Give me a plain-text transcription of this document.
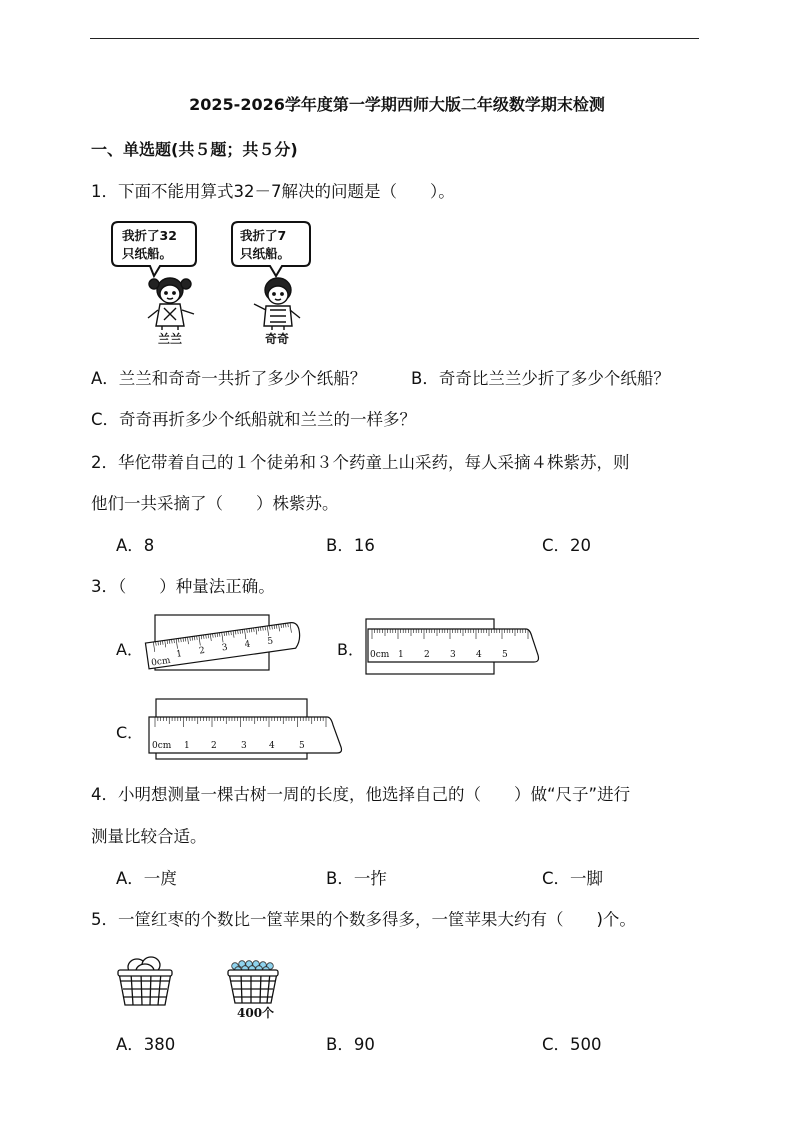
2025-2026学年度第一学期西师大版二年级数学期末检测
一、单选题(共５题；共５分)
1．下面不能用算式32－7解决的问题是（　　）。
我折了32
只纸船。
我折了7
只纸船。
兰兰	奇奇
A．兰兰和奇奇一共折了多少个纸船？	B．奇奇比兰兰少折了多少个纸船？
C．奇奇再折多少个纸船就和兰兰的一样多？
2．华佗带着自己的１个徒弟和３个药童上山采药，每人采摘４株紫苏，则
他们一共采摘了（　　）株紫苏。
A．8	B．16	C．20
3．（　　）种量法正确。
A．	B．
C．
0cm
1 2 3 4 5
0cm 1 2 3 4 5
0cm 1 2	3 4	5
4．小明想测量一棵古树一周的长度，他选择自己的（　　）做“尺子”进行
测量比较合适。
A．一庹	B．一拃	C．一脚
5．一筐红枣的个数比一筐苹果的个数多得多，一筐苹果大约有（　　)个。
400个
A．380	B．90	C．500
